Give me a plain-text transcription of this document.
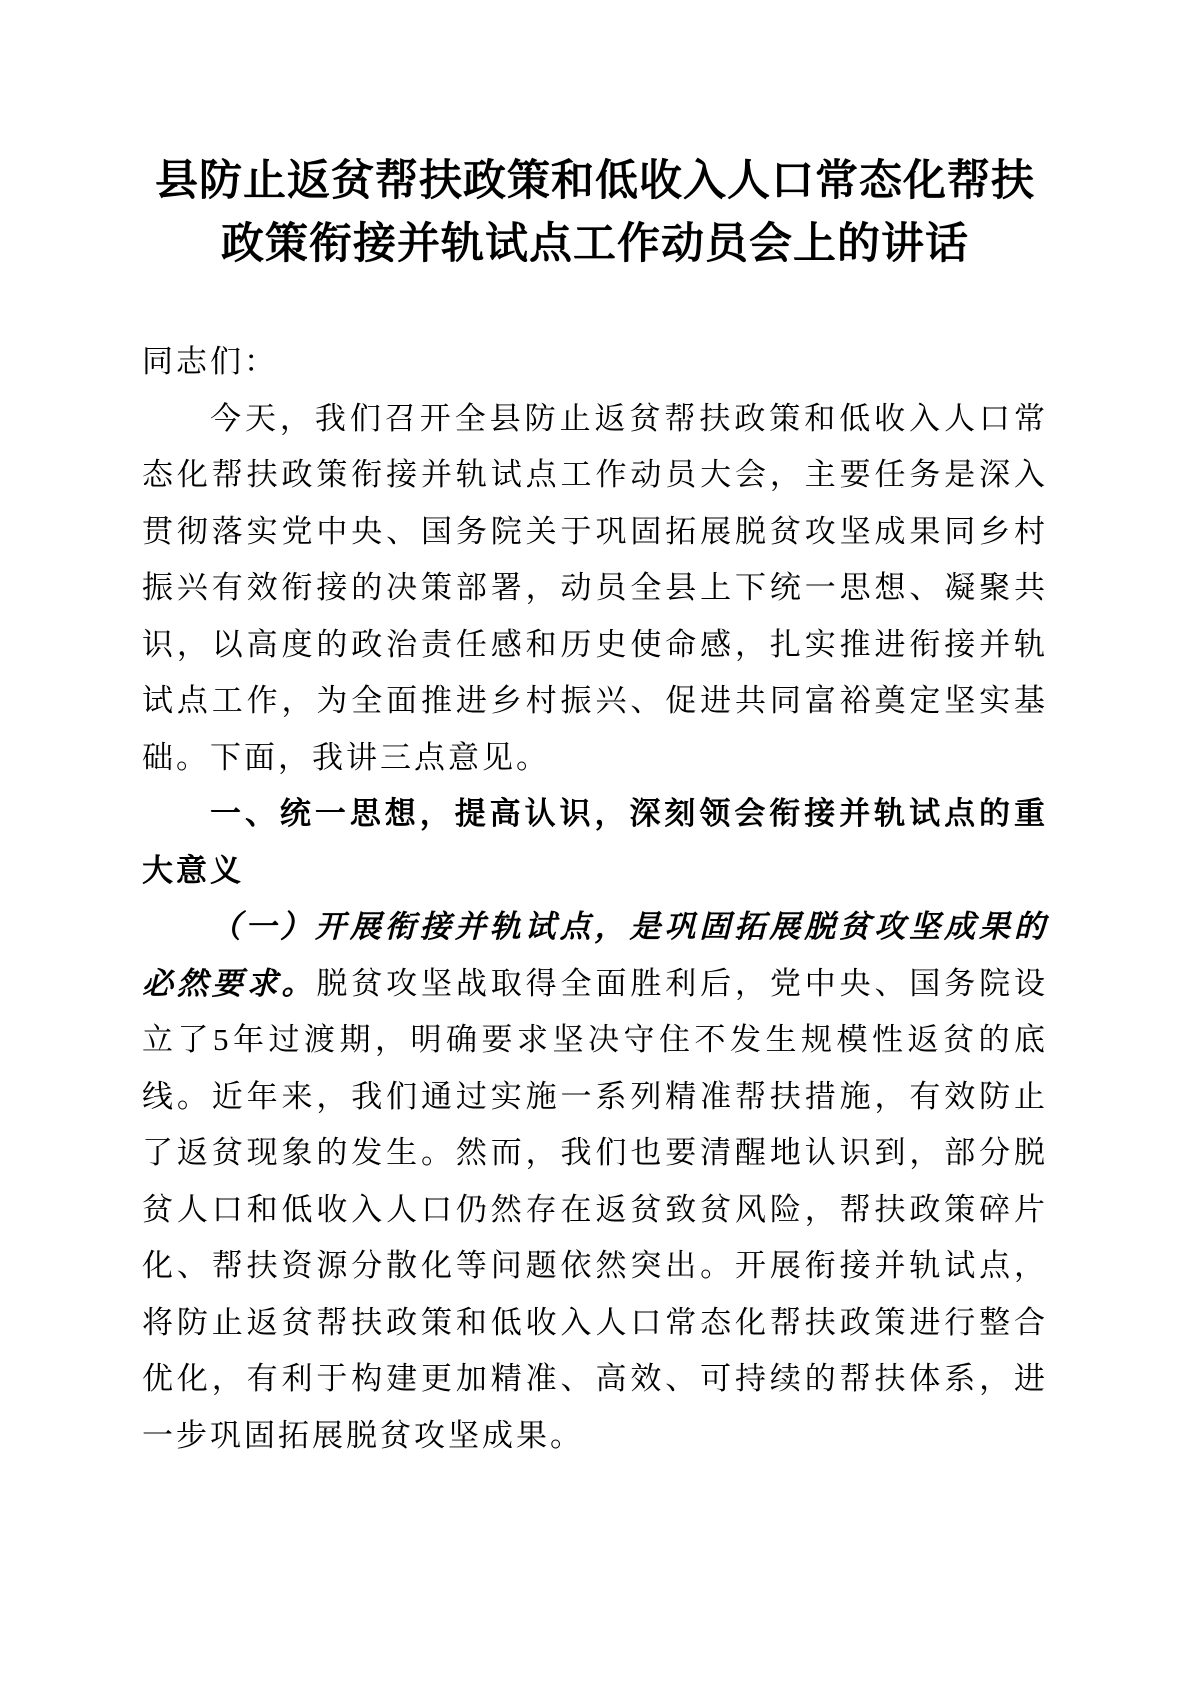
县防止返贫帮扶政策和低收入人口常态化帮扶政策衔接并轨试点工作动员会上的讲话

同志们：

今天，我们召开全县防止返贫帮扶政策和低收入人口常态化帮扶政策衔接并轨试点工作动员大会，主要任务是深入贯彻落实党中央、国务院关于巩固拓展脱贫攻坚成果同乡村振兴有效衔接的决策部署，动员全县上下统一思想、凝聚共识，以高度的政治责任感和历史使命感，扎实推进衔接并轨试点工作，为全面推进乡村振兴、促进共同富裕奠定坚实基础。下面，我讲三点意见。

一、统一思想，提高认识，深刻领会衔接并轨试点的重大意义

（一）开展衔接并轨试点，是巩固拓展脱贫攻坚成果的必然要求。脱贫攻坚战取得全面胜利后，党中央、国务院设立了5年过渡期，明确要求坚决守住不发生规模性返贫的底线。近年来，我们通过实施一系列精准帮扶措施，有效防止了返贫现象的发生。然而，我们也要清醒地认识到，部分脱贫人口和低收入人口仍然存在返贫致贫风险，帮扶政策碎片化、帮扶资源分散化等问题依然突出。开展衔接并轨试点，将防止返贫帮扶政策和低收入人口常态化帮扶政策进行整合优化，有利于构建更加精准、高效、可持续的帮扶体系，进一步巩固拓展脱贫攻坚成果。
